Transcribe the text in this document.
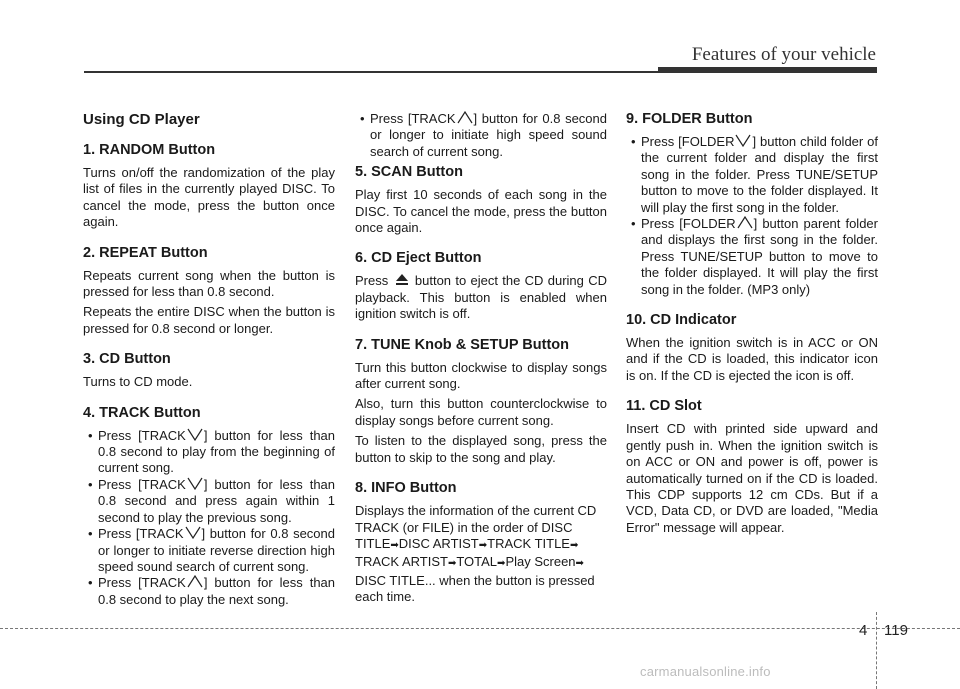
Features of your vehicle
Using CD Player
1. RANDOM Button

Turns on/off the randomization of the play list of files in the currently played DISC. To cancel the mode, press the button once again.

2. REPEAT Button

Repeats current song when the button is pressed for less than 0.8 second.

Repeats the entire DISC when the button is pressed for 0.8 second or longer.

3. CD Button

Turns to CD mode.

4. TRACK Button
• Press [TRACK ] button for less than 0.8 second to play from the beginning of current song.
• Press [TRACK ] button for less than 0.8 second and press again within 1 second to play the previous song.
• Press [TRACK ] button for 0.8 second or longer to initiate reverse direction high speed sound search of current song.
• Press [TRACK ] button for less than 0.8 second to play the next song.
• Press [TRACK ] button for 0.8 second or longer to initiate high speed sound search of current song.
5. SCAN Button

Play first 10 seconds of each song in the DISC. To cancel the mode, press the button once again.

6. CD Eject Button

Press button to eject the CD during CD playback. This button is enabled when ignition switch is off.

7. TUNE Knob & SETUP Button

Turn this button clockwise to display songs after current song.

Also, turn this button counterclockwise to display songs before current song.

To listen to the displayed song, press the button to skip to the song and play.

8. INFO Button

Displays the information of the current CD TRACK (or FILE) in the order of DISC TITLE➡DISC ARTIST➡TRACK TITLE➡ TRACK ARTIST➡TOTAL➡Play Screen➡ DISC TITLE... when the button is pressed each time.

9. FOLDER Button
• Press [FOLDER ] button child folder of the current folder and display the first song in the folder. Press TUNE/SETUP button to move to the folder displayed. It will play the first song in the folder.
• Press [FOLDER ] button parent folder and displays the first song in the folder. Press TUNE/SETUP button to move to the folder displayed. It will play the first song in the folder. (MP3 only)
10. CD Indicator

When the ignition switch is in ACC or ON and if the CD is loaded, this indicator icon is on. If the CD is ejected the icon is off.

11. CD Slot

Insert CD with printed side upward and gently push in. When the ignition switch is on ACC or ON and power is off, power is automatically turned on if the CD is loaded. This CDP supports 12 cm CDs. But if a VCD, Data CD, or DVD are loaded, "Media Error" message will appear.

4 119
carmanualsonline.info
